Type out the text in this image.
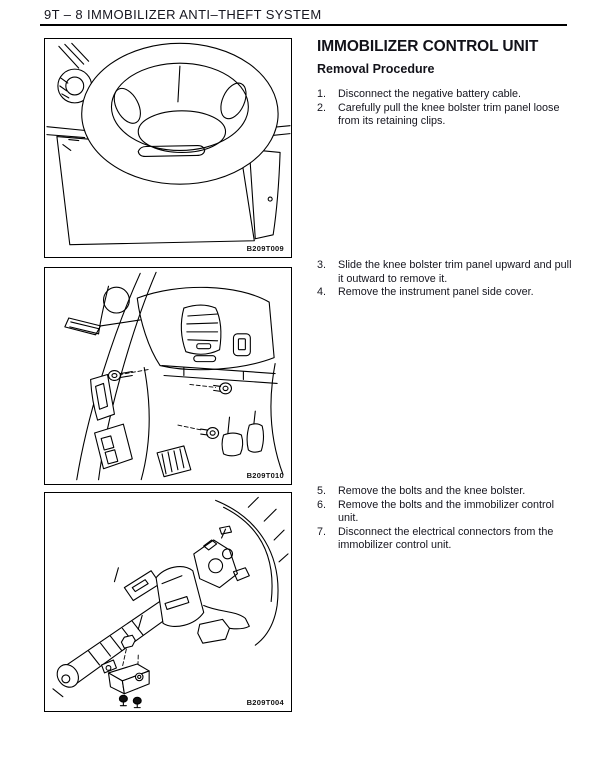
9T – 8 IMMOBILIZER ANTI–THEFT SYSTEM
B209T009
B209T010
B209T004
IMMOBILIZER CONTROL UNIT
Removal Procedure
1.	Disconnect the negative battery cable.
2.	Carefully pull the knee bolster trim panel loose from its retaining clips.
3.	Slide the knee bolster trim panel upward and pull it outward to remove it.
4.	Remove the instrument panel side cover.
5.	Remove the bolts and the knee bolster.
6.	Remove the bolts and the immobilizer control unit.
7.	Disconnect the electrical connectors from the immobilizer control unit.
